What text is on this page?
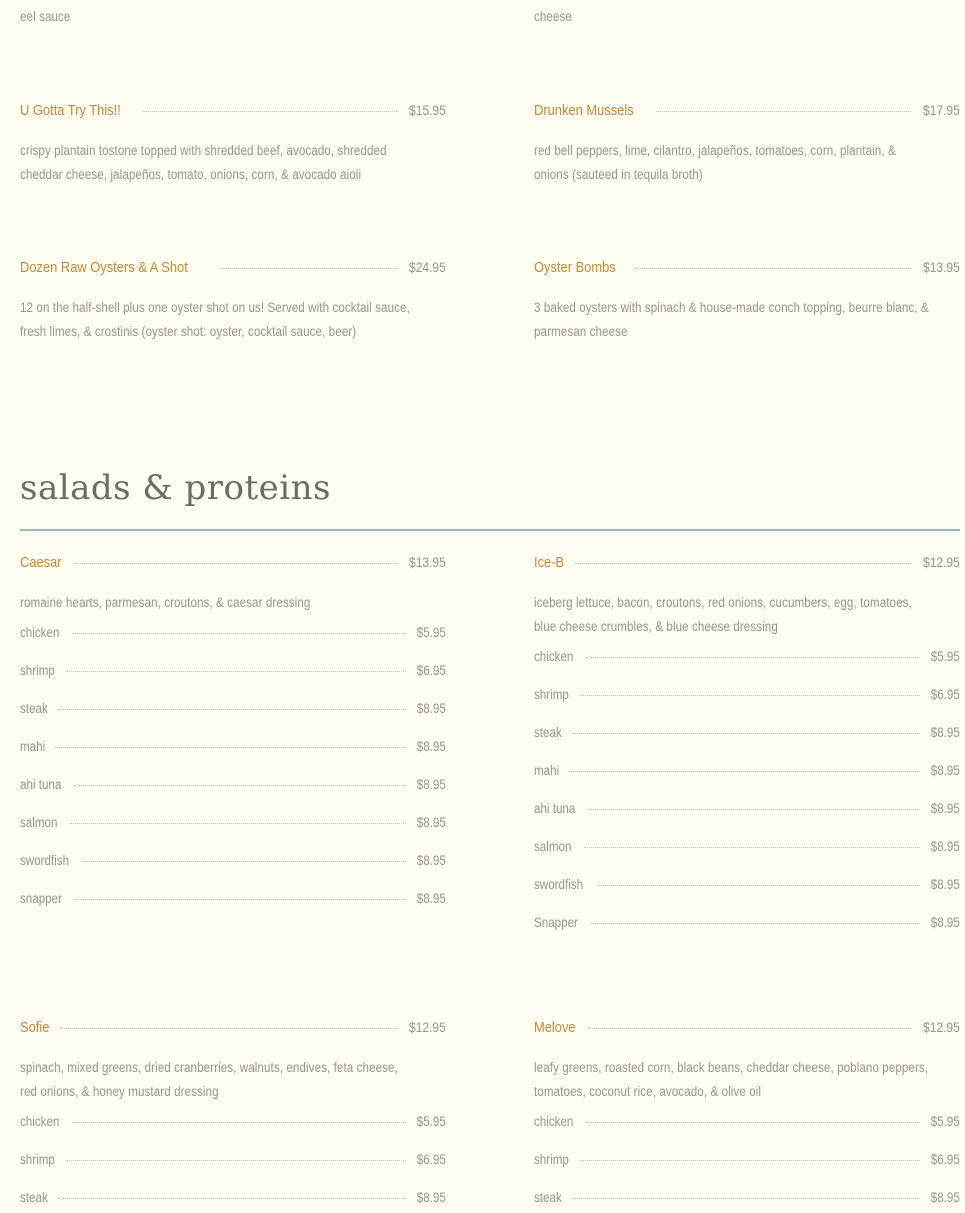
eel sauce	cheese
U Gotta Try This!!	$15.95
crispy plantain tostone topped with shredded beef, avocado, shredded
cheddar cheese, jalapeños, tomato, onions, corn, & avocado aioli
Drunken Mussels	$17.95
red bell peppers, lime, cilantro, jalapeños, tomatoes, corn, plantain, &
onions (sauteed in tequila broth)
Dozen Raw Oysters & A Shot	$24.95
12 on the half-shell plus one oyster shot on us! Served with cocktail sauce,
fresh limes, & crostinis (oyster shot: oyster, cocktail sauce, beer)
Oyster Bombs	$13.95
3 baked oysters with spinach & house-made conch topping, beurre blanc, &
parmesan cheese
salads & proteins
Caesar	$13.95
romaine hearts, parmesan, croutons, & caesar dressing
chicken	$5.95
shrimp	$6.95
steak	$8.95
mahi	$8.95
ahi tuna	$8.95
salmon	$8.95
swordfish	$8.95
snapper	$8.95
Ice-B	$12.95
iceberg lettuce, bacon, croutons, red onions, cucumbers, egg, tomatoes,
blue cheese crumbles, & blue cheese dressing
chicken	$5.95
shrimp	$6.95
steak	$8.95
mahi	$8.95
ahi tuna	$8.95
salmon	$8.95
swordfish	$8.95
Snapper	$8.95
Sofie	$12.95
spinach, mixed greens, dried cranberries, walnuts, endives, feta cheese,
red onions, & honey mustard dressing
chicken	$5.95
shrimp	$6.95
steak	$8.95
Melove	$12.95
leafy greens, roasted corn, black beans, cheddar cheese, poblano peppers,
tomatoes, coconut rice, avocado, & olive oil
chicken	$5.95
shrimp	$6.95
steak	$8.95
